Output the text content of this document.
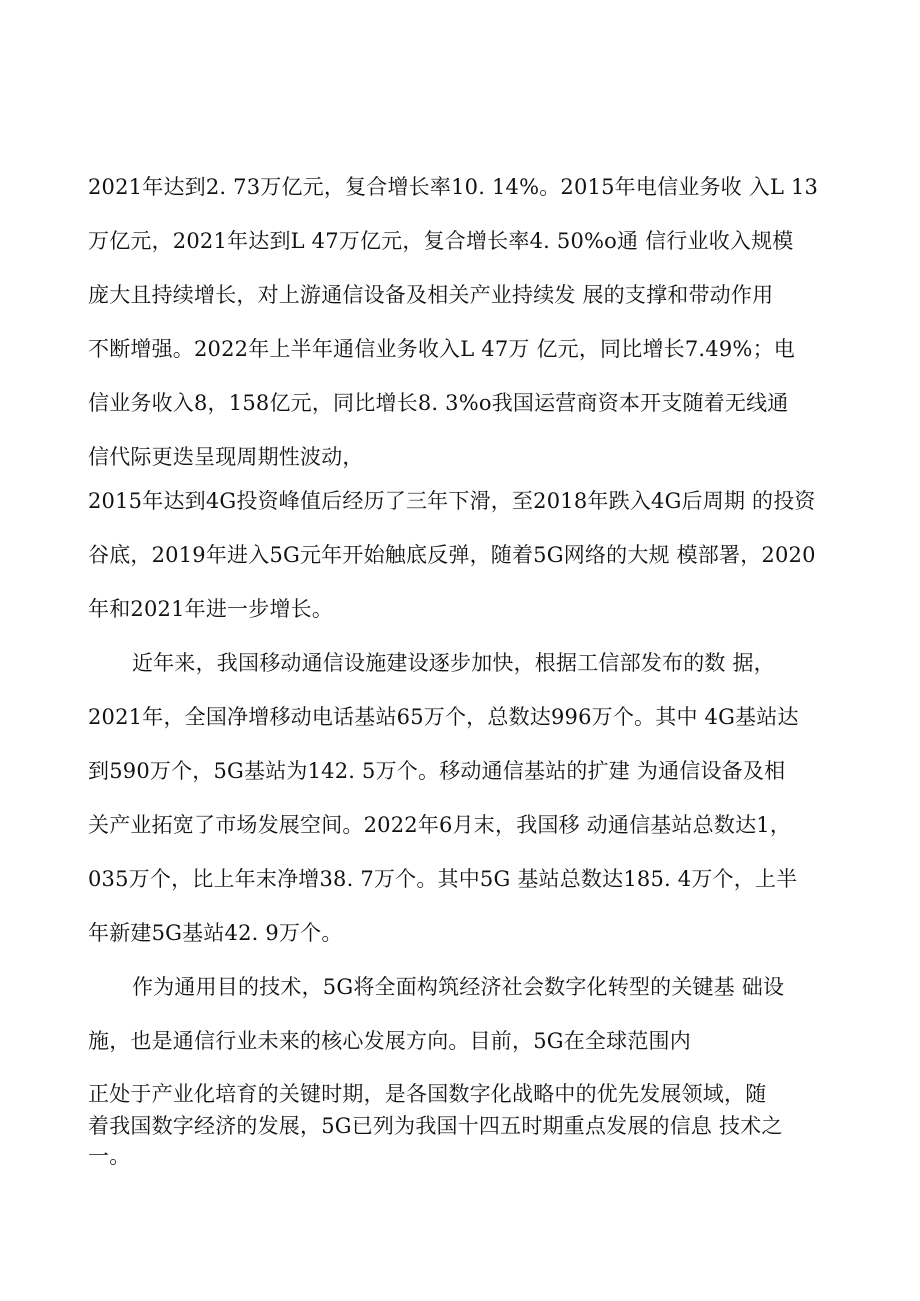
2021年达到2. 73万亿元，复合增长率10. 14%。2015年电信业务收 入L 13
万亿元，2021年达到L 47万亿元，复合增长率4. 50%o通 信行业收入规模
庞大且持续增长，对上游通信设备及相关产业持续发 展的支撑和带动作用
不断增强。2022年上半年通信业务收入L 47万 亿元，同比增长7.49%；电
信业务收入8，158亿元，同比增长8. 3%o我国运营商资本开支随着无线通
信代际更迭呈现周期性波动，
2015年达到4G投资峰值后经历了三年下滑，至2018年跌入4G后周期 的投资
谷底，2019年进入5G元年开始触底反弹，随着5G网络的大规 模部署，2020
年和2021年进一步增长。
近年来，我国移动通信设施建设逐步加快，根据工信部发布的数 据，
2021年，全国净增移动电话基站65万个，总数达996万个。其中 4G基站达
到590万个，5G基站为142. 5万个。移动通信基站的扩建 为通信设备及相
关产业拓宽了市场发展空间。2022年6月末，我国移 动通信基站总数达1，
035万个，比上年末净增38. 7万个。其中5G 基站总数达185. 4万个，上半
年新建5G基站42. 9万个。
作为通用目的技术，5G将全面构筑经济社会数字化转型的关键基 础设
施，也是通信行业未来的核心发展方向。目前，5G在全球范围内
正处于产业化培育的关键时期，是各国数字化战略中的优先发展领域，随
着我国数字经济的发展，5G已列为我国十四五时期重点发展的信息 技术之
一。
